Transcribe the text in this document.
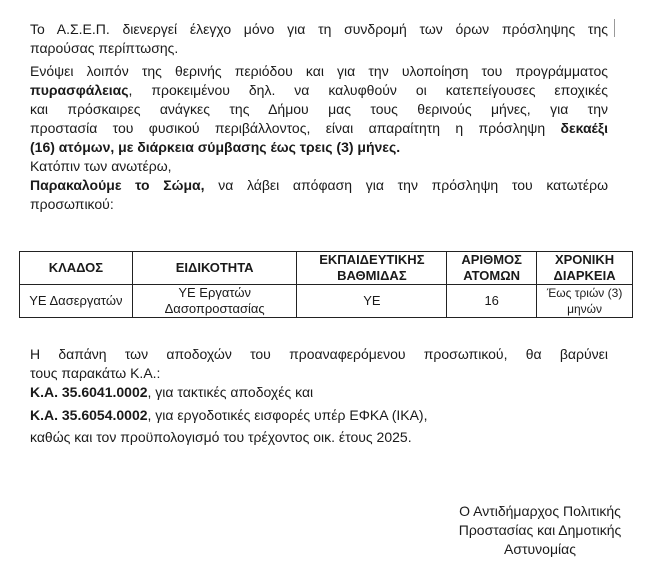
Το Α.Σ.Ε.Π. διενεργεί έλεγχο μόνο για τη συνδρομή των όρων πρόσληψης της
παρούσας περίπτωσης.
Ενόψει λοιπόν της θερινής περιόδου και για την υλοποίηση του προγράμματος
πυρασφάλειας, προκειμένου δηλ. να καλυφθούν οι κατεπείγουσες εποχικές
και πρόσκαιρες ανάγκες της Δήμου μας τους θερινούς μήνες, για την
προστασία του φυσικού περιβάλλοντος, είναι απαραίτητη η πρόσληψη δεκαέξι
(16) ατόμων, με διάρκεια σύμβασης έως τρεις (3) μήνες.
Κατόπιν των ανωτέρω,
Παρακαλούμε το Σώμα, να λάβει απόφαση για την πρόσληψη του κατωτέρω
προσωπικού:
ΚΛΑΔΟΣ	ΕΙΔΙΚΟΤΗΤΑ	ΕΚΠΑΙΔΕΥΤΙΚΗΣ ΒΑΘΜΙΔΑΣ	ΑΡΙΘΜΟΣ ΑΤΟΜΩΝ	ΧΡΟΝΙΚΗ ΔΙΑΡΚΕΙΑ
ΥΕ Δασεργατών	ΥΕ Εργατών Δασοπροστασίας	ΥΕ	16	Έως τριών (3) μηνών
Η δαπάνη των αποδοχών του προαναφερόμενου προσωπικού, θα βαρύνει
τους παρακάτω Κ.Α.:
Κ.Α. 35.6041.0002, για τακτικές αποδοχές και
Κ.Α. 35.6054.0002, για εργοδοτικές εισφορές υπέρ ΕΦΚΑ (ΙΚΑ),
καθώς και τον προϋπολογισμό του τρέχοντος οικ. έτους 2025.
Ο Αντιδήμαρχος Πολιτικής
Προστασίας και Δημοτικής
Αστυνομίας
